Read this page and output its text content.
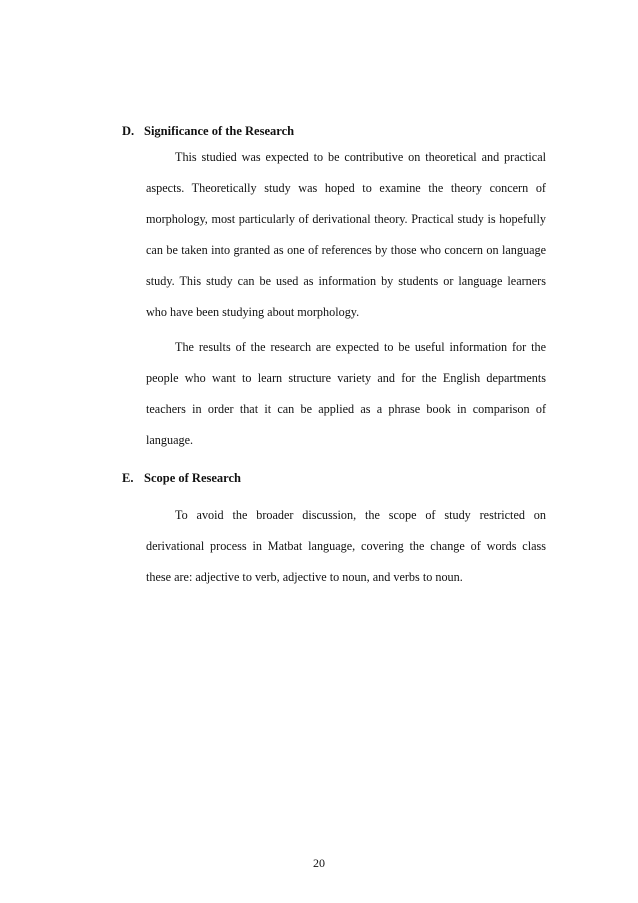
D. Significance of the Research

This studied was expected to be contributive on theoretical and practical aspects. Theoretically study was hoped to examine the theory concern of morphology, most particularly of derivational theory. Practical study is hopefully can be taken into granted as one of references by those who concern on language study. This study can be used as information by students or language learners who have been studying about morphology.

The results of the research are expected to be useful information for the people who want to learn structure variety and for the English departments teachers in order that it can be applied as a phrase book in comparison of language.

E. Scope of Research

To avoid the broader discussion, the scope of study restricted on derivational process in Matbat language, covering the change of words class these are: adjective to verb, adjective to noun, and verbs to noun.

20
